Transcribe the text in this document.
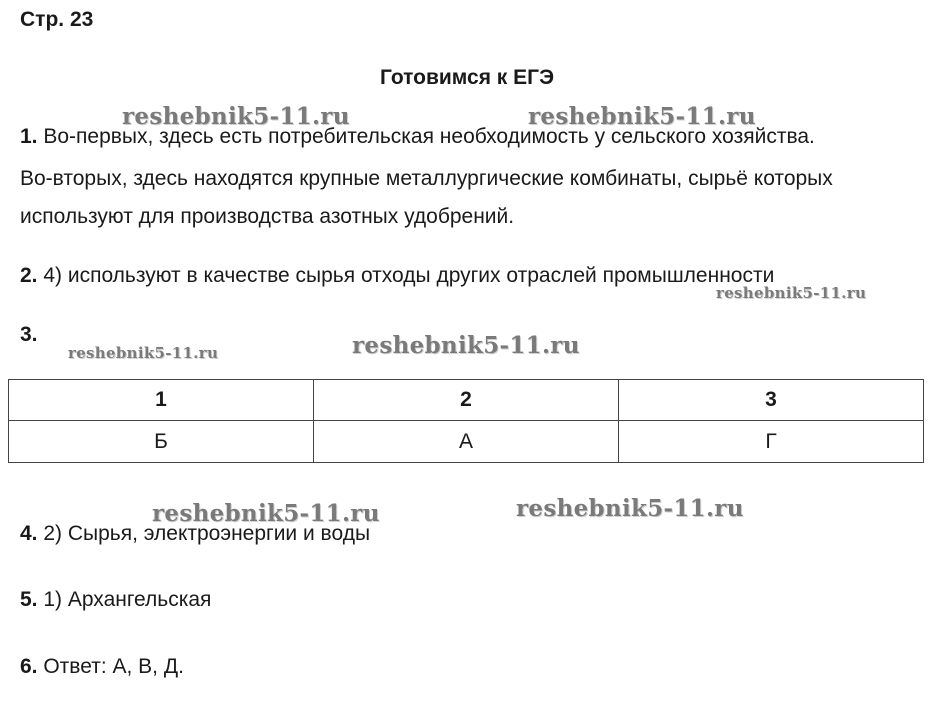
Стр. 23
Готовимся к ЕГЭ
1. Во-первых, здесь есть потребительская необходимость у сельского хозяйства.
Во-вторых, здесь находятся крупные металлургические комбинаты, сырьё которых
используют для производства азотных удобрений.
2. 4) используют в качестве сырья отходы других отраслей промышленности
3.
1	2	3
Б	А	Г
4. 2) Сырья, электроэнергии и воды
5. 1) Архангельская
6. Ответ: А, В, Д.
reshebnik5-11.ru	reshebnik5-11.ru
reshebnik5-11.ru
reshebnik5-11.ru	reshebnik5-11.ru
reshebnik5-11.ru	reshebnik5-11.ru
